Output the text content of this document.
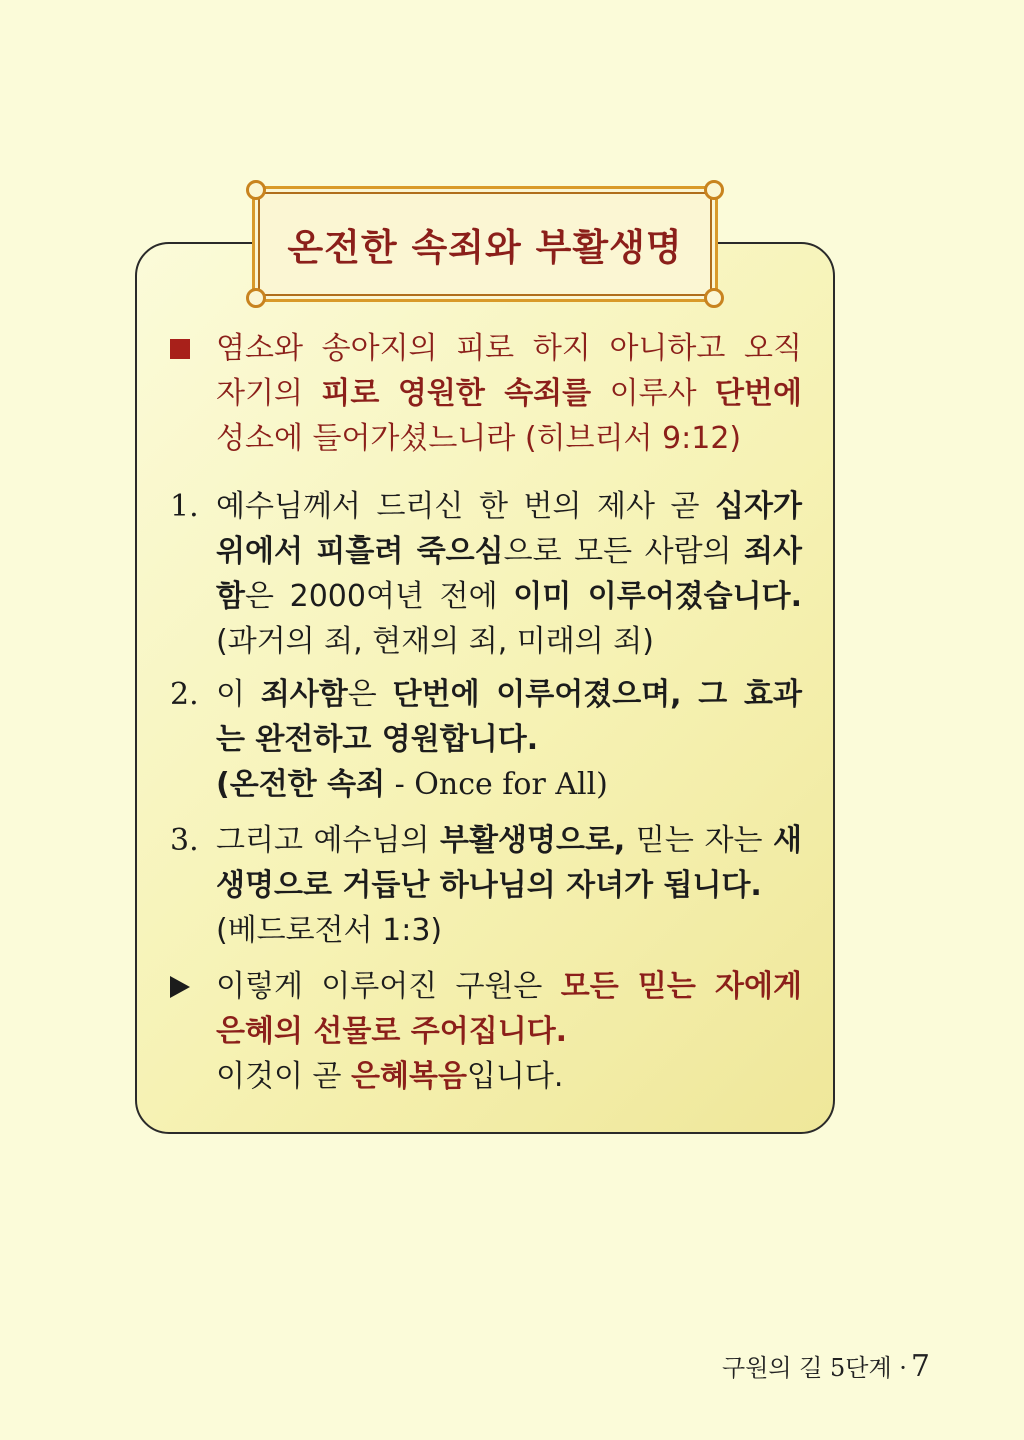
온전한 속죄와 부활생명
염소와 송아지의 피로 하지 아니하고 오직
자기의 피로 영원한 속죄를 이루사 단번에
성소에 들어가셨느니라 (히브리서 9:12)
1. 예수님께서 드리신 한 번의 제사 곧 십자가
위에서 피흘려 죽으심으로 모든 사람의 죄사
함은 2000여년 전에 이미 이루어졌습니다.
(과거의 죄, 현재의 죄, 미래의 죄)
2. 이 죄사함은 단번에 이루어졌으며, 그 효과
는 완전하고 영원합니다.
(온전한 속죄 - Once for All)
3. 그리고 예수님의 부활생명으로, 믿는 자는 새
생명으로 거듭난 하나님의 자녀가 됩니다.
(베드로전서 1:3)
이렇게 이루어진 구원은 모든 믿는 자에게
은혜의 선물로 주어집니다.
이것이 곧 은혜복음입니다.
구원의 길 5단계 · 7
